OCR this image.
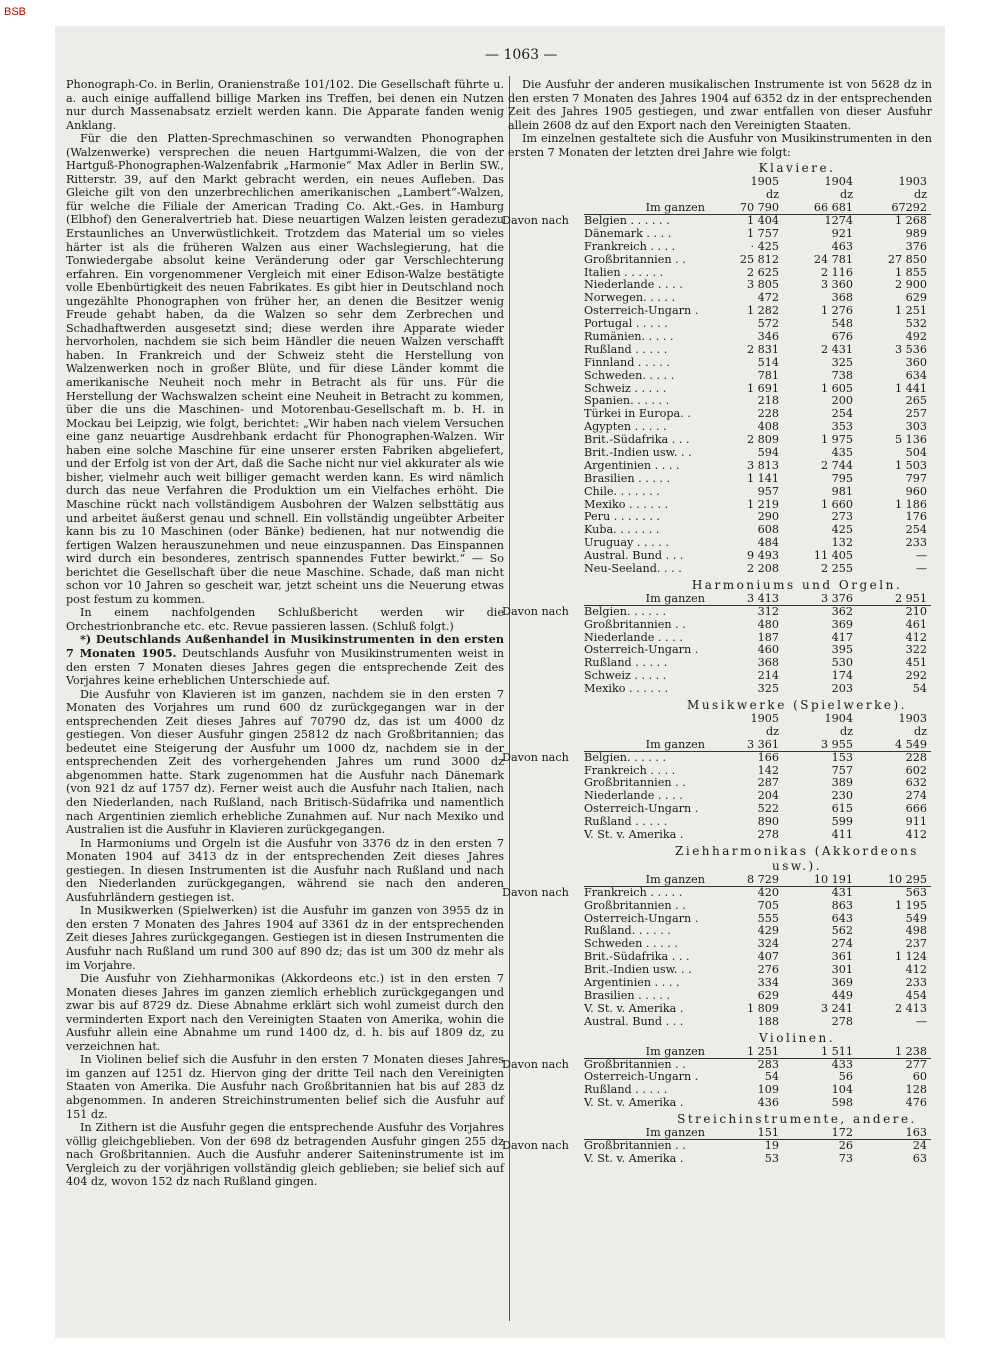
BSB
— 1063 —

Phonograph-Co. in Berlin, Oranienstraße 101/102. Die Gesellschaft führte u. a. auch einige auffallend billige Marken ins Treffen, bei denen ein Nutzen nur durch Massenabsatz erzielt werden kann. Die Apparate fanden wenig Anklang.

Für die den Platten-Sprechmaschinen so verwandten Phonographen (Walzenwerke) versprechen die neuen Hartgummi-Walzen, die von der Hartguß-Phonographen-Walzenfabrik „Harmonie“ Max Adler in Berlin SW., Ritterstr. 39, auf den Markt gebracht werden, ein neues Aufleben. Das Gleiche gilt von den unzerbrechlichen amerikanischen „Lambert“-Walzen, für welche die Filiale der American Trading Co. Akt.-Ges. in Hamburg (Elbhof) den Generalvertrieb hat. Diese neuartigen Walzen leisten geradezu Erstaunliches an Unverwüstlichkeit. Trotzdem das Material um so vieles härter ist als die früheren Walzen aus einer Wachslegierung, hat die Tonwiedergabe absolut keine Veränderung oder gar Verschlechterung erfahren. Ein vorgenommener Vergleich mit einer Edison-Walze bestätigte volle Ebenbürtigkeit des neuen Fabrikates. Es gibt hier in Deutschland noch ungezählte Phonographen von früher her, an denen die Besitzer wenig Freude gehabt haben, da die Walzen so sehr dem Zerbrechen und Schadhaftwerden ausgesetzt sind; diese werden ihre Apparate wieder hervorholen, nachdem sie sich beim Händler die neuen Walzen verschafft haben. In Frankreich und der Schweiz steht die Herstellung von Walzenwerken noch in großer Blüte, und für diese Länder kommt die amerikanische Neuheit noch mehr in Betracht als für uns. Für die Herstellung der Wachswalzen scheint eine Neuheit in Betracht zu kommen, über die uns die Maschinen- und Motorenbau-Gesellschaft m. b. H. in Mockau bei Leipzig, wie folgt, berichtet: „Wir haben nach vielem Versuchen eine ganz neuartige Ausdrehbank erdacht für Phonographen-Walzen. Wir haben eine solche Maschine für eine unserer ersten Fabriken abgeliefert, und der Erfolg ist von der Art, daß die Sache nicht nur viel akkurater als wie bisher, vielmehr auch weit billiger gemacht werden kann. Es wird nämlich durch das neue Verfahren die Produktion um ein Vielfaches erhöht. Die Maschine rückt nach vollständigem Ausbohren der Walzen selbsttätig aus und arbeitet äußerst genau und schnell. Ein vollständig ungeübter Arbeiter kann bis zu 10 Maschinen (oder Bänke) bedienen, hat nur notwendig die fertigen Walzen herauszunehmen und neue einzuspannen. Das Einspannen wird durch ein besonderes, zentrisch spannendes Futter bewirkt.“ — So berichtet die Gesellschaft über die neue Maschine. Schade, daß man nicht schon vor 10 Jahren so gescheit war, jetzt scheint uns die Neuerung etwas post festum zu kommen.

In einem nachfolgenden Schlußbericht werden wir die Orchestrionbranche etc. etc. Revue passieren lassen. (Schluß folgt.)

*) Deutschlands Außenhandel in Musikinstrumenten in den ersten 7 Monaten 1905. Deutschlands Ausfuhr von Musikinstrumenten weist in den ersten 7 Monaten dieses Jahres gegen die entsprechende Zeit des Vorjahres keine erheblichen Unterschiede auf.

Die Ausfuhr von Klavieren ist im ganzen, nachdem sie in den ersten 7 Monaten des Vorjahres um rund 600 dz zurückgegangen war in der entsprechenden Zeit dieses Jahres auf 70790 dz, das ist um 4000 dz gestiegen. Von dieser Ausfuhr gingen 25812 dz nach Großbritannien; das bedeutet eine Steigerung der Ausfuhr um 1000 dz, nachdem sie in der entsprechenden Zeit des vorhergehenden Jahres um rund 3000 dz abgenommen hatte. Stark zugenommen hat die Ausfuhr nach Dänemark (von 921 dz auf 1757 dz). Ferner weist auch die Ausfuhr nach Italien, nach den Niederlanden, nach Rußland, nach Britisch-Südafrika und namentlich nach Argentinien ziemlich erhebliche Zunahmen auf. Nur nach Mexiko und Australien ist die Ausfuhr in Klavieren zurückgegangen.

In Harmoniums und Orgeln ist die Ausfuhr von 3376 dz in den ersten 7 Monaten 1904 auf 3413 dz in der entsprechenden Zeit dieses Jahres gestiegen. In diesen Instrumenten ist die Ausfuhr nach Rußland und nach den Niederlanden zurückgegangen, während sie nach den anderen Ausfuhrländern gestiegen ist.

In Musikwerken (Spielwerken) ist die Ausfuhr im ganzen von 3955 dz in den ersten 7 Monaten des Jahres 1904 auf 3361 dz in der entsprechenden Zeit dieses Jahres zurückgegangen. Gestiegen ist in diesen Instrumenten die Ausfuhr nach Rußland um rund 300 auf 890 dz; das ist um 300 dz mehr als im Vorjahre.

Die Ausfuhr von Ziehharmonikas (Akkordeons etc.) ist in den ersten 7 Monaten dieses Jahres im ganzen ziemlich erheblich zurückgegangen und zwar bis auf 8729 dz. Diese Abnahme erklärt sich wohl zumeist durch den verminderten Export nach den Vereinigten Staaten von Amerika, wohin die Ausfuhr allein eine Abnahme um rund 1400 dz, d. h. bis auf 1809 dz, zu verzeichnen hat.

In Violinen belief sich die Ausfuhr in den ersten 7 Monaten dieses Jahres im ganzen auf 1251 dz. Hiervon ging der dritte Teil nach den Vereinigten Staaten von Amerika. Die Ausfuhr nach Großbritannien hat bis auf 283 dz abgenommen. In anderen Streichinstrumenten belief sich die Ausfuhr auf 151 dz.

In Zithern ist die Ausfuhr gegen die entsprechende Ausfuhr des Vorjahres völlig gleichgeblieben. Von der 698 dz betragenden Ausfuhr gingen 255 dz nach Großbritannien. Auch die Ausfuhr anderer Saiteninstrumente ist im Vergleich zu der vorjährigen vollständig gleich geblieben; sie belief sich auf 404 dz, wovon 152 dz nach Rußland gingen.

Die Ausfuhr der anderen musikalischen Instrumente ist von 5628 dz in den ersten 7 Monaten des Jahres 1904 auf 6352 dz in der entsprechenden Zeit des Jahres 1905 gestiegen, und zwar entfallen von dieser Ausfuhr allein 2608 dz auf den Export nach den Vereinigten Staaten.

Im einzelnen gestaltete sich die Ausfuhr von Musikinstrumenten in den ersten 7 Monaten der letzten drei Jahre wie folgt:

Klaviere.
1905	1904	1903
dz	dz	dz
Im ganzen	70 790	66 681	67292
Davon nach	Belgien . . . . . .	1 404	1274	1 268
Dänemark . . . .	1 757	921	989
Frankreich . . . .	· 425	463	376
Großbritannien . .	25 812	24 781	27 850
Italien . . . . . .	2 625	2 116	1 855
Niederlande . . . .	3 805	3 360	2 900
Norwegen. . . . .	472	368	629
Österreich-Ungarn .	1 282	1 276	1 251
Portugal . . . . .	572	548	532
Rumänien. . . . .	346	676	492
Rußland . . . . .	2 831	2 431	3 536
Finnland . . . . .	514	325	360
Schweden. . . . .	781	738	634
Schweiz . . . . .	1 691	1 605	1 441
Spanien. . . . . .	218	200	265
Türkei in Europa. .	228	254	257
Ägypten . . . . .	408	353	303
Brit.-Südafrika . . .	2 809	1 975	5 136
Brit.-Indien usw. . .	594	435	504
Argentinien . . . .	3 813	2 744	1 503
Brasilien . . . . .	1 141	795	797
Chile. . . . . . .	957	981	960
Mexiko . . . . . .	1 219	1 660	1 186
Peru . . . . . . .	290	273	176
Kuba. . . . . . .	608	425	254
Uruguay . . . . .	484	132	233
Austral. Bund . . .	9 493	11 405	—
Neu-Seeland. . . .	2 208	2 255	—
Harmoniums und Orgeln.
Im ganzen	3 413	3 376	2 951
Davon nach	Belgien. . . . . .	312	362	210
Großbritannien . .	480	369	461
Niederlande . . . .	187	417	412
Österreich-Ungarn .	460	395	322
Rußland . . . . .	368	530	451
Schweiz . . . . .	214	174	292
Mexiko . . . . . .	325	203	54
Musikwerke (Spielwerke).
1905	1904	1903
dz	dz	dz
Im ganzen	3 361	3 955	4 549
Davon nach	Belgien. . . . . .	166	153	228
Frankreich . . . .	142	757	602
Großbritannien . .	287	389	632
Niederlande . . . .	204	230	274
Österreich-Ungarn .	522	615	666
Rußland . . . . .	890	599	911
V. St. v. Amerika .	278	411	412
Ziehharmonikas (Akkordeons usw.).
Im ganzen	8 729	10 191	10 295
Davon nach	Frankreich . . . . .	420	431	563
Großbritannien . .	705	863	1 195
Österreich-Ungarn .	555	643	549
Rußland. . . . . .	429	562	498
Schweden . . . . .	324	274	237
Brit.-Südafrika . . .	407	361	1 124
Brit.-Indien usw. . .	276	301	412
Argentinien . . . .	334	369	233
Brasilien . . . . .	629	449	454
V. St. v. Amerika .	1 809	3 241	2 413
Austral. Bund . . .	188	278	—
Violinen.
Im ganzen	1 251	1 511	1 238
Davon nach	Großbritannien . .	283	433	277
Österreich-Ungarn .	54	56	60
Rußland . . . . .	109	104	128
V. St. v. Amerika .	436	598	476
Streichinstrumente, andere.
Im ganzen	151	172	163
Davon nach	Großbritannien . .	19	26	24
V. St. v. Amerika .	53	73	63
